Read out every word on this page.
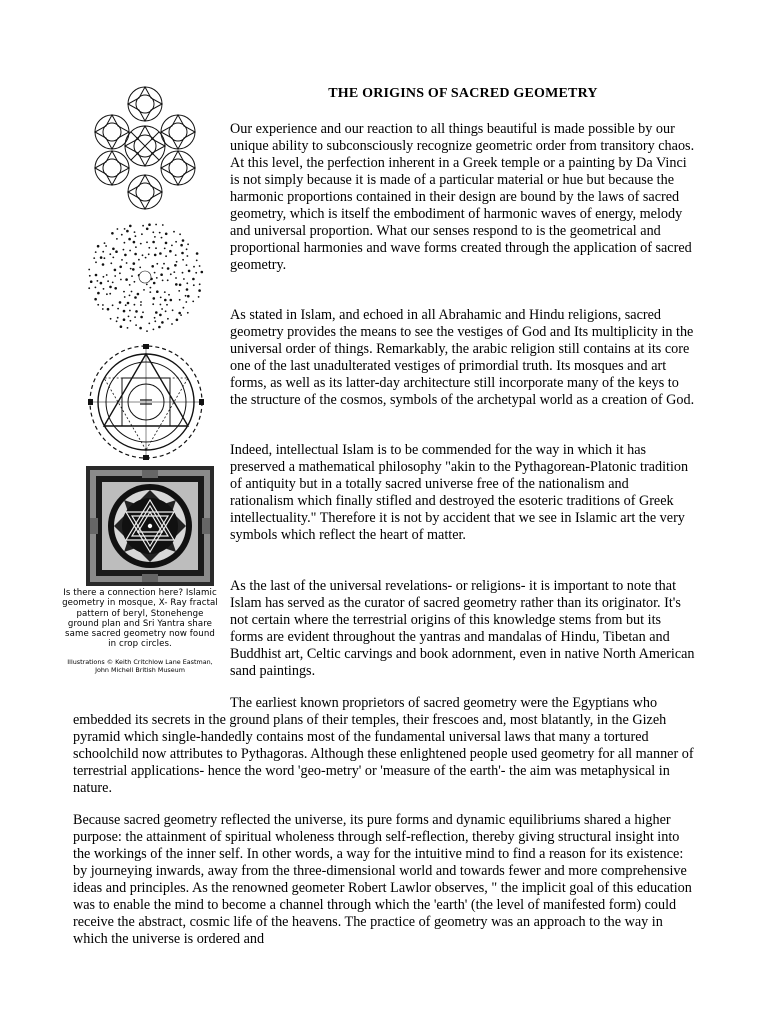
THE ORIGINS OF SACRED GEOMETRY
Is there a connection here? Islamic geometry in mosque, X- Ray fractal pattern of beryl, Stonehenge ground plan and Sri Yantra share same sacred geometry now found in crop circles.
Illustrations © Keith Critchlow Lane Eastman, John Michell British Museum

Our experience and our reaction to all things beautiful is made possible by our unique ability to subconsciously recognize geometric order from transitory chaos. At this level, the perfection inherent in a Greek temple or a painting by Da Vinci is not simply because it is made of a particular material or hue but because the harmonic proportions contained in their design are bound by the laws of sacred geometry, which is itself the embodiment of harmonic waves of energy, melody and universal proportion. What our senses respond to is the geometrical and proportional harmonies and wave forms created through the application of sacred geometry.

As stated in Islam, and echoed in all Abrahamic and Hindu religions, sacred geometry provides the means to see the vestiges of God and Its multiplicity in the universal order of things. Remarkably, the arabic religion still contains at its core one of the last unadulterated vestiges of primordial truth. Its mosques and art forms, as well as its latter-day architecture still incorporate many of the keys to the structure of the cosmos, symbols of the archetypal world as a creation of God.

Indeed, intellectual Islam is to be commended for the way in which it has preserved a mathematical philosophy "akin to the Pythagorean-Platonic tradition of antiquity but in a totally sacred universe free of the nationalism and rationalism which finally stifled and destroyed the esoteric traditions of Greek intellectuality." Therefore it is not by accident that we see in Islamic art the very symbols which reflect the heart of matter.

As the last of the universal revelations- or religions- it is important to note that Islam has served as the curator of sacred geometry rather than its originator. It's not certain where the terrestrial origins of this knowledge stems from but its forms are evident throughout the yantras and mandalas of Hindu, Tibetan and Buddhist art, Celtic carvings and book adornment, even in native North American sand paintings.

The earliest known proprietors of sacred geometry were the Egyptians who embedded its secrets in the ground plans of their temples, their frescoes and, most blatantly, in the Gizeh pyramid which single-handedly contains most of the fundamental universal laws that many a tortured schoolchild now attributes to Pythagoras. Although these enlightened people used geometry for all manner of terrestrial applications- hence the word 'geo-metry' or 'measure of the earth'- the aim was metaphysical in nature.

Because sacred geometry reflected the universe, its pure forms and dynamic equilibriums shared a higher purpose: the attainment of spiritual wholeness through self-reflection, thereby giving structural insight into the workings of the inner self. In other words, a way for the intuitive mind to find a reason for its existence: by journeying inwards, away from the three-dimensional world and towards fewer and more comprehensive ideas and principles. As the renowned geometer Robert Lawlor observes, " the implicit goal of this education was to enable the mind to become a channel through which the 'earth' (the level of manifested form) could receive the abstract, cosmic life of the heavens. The practice of geometry was an approach to the way in which the universe is ordered and
